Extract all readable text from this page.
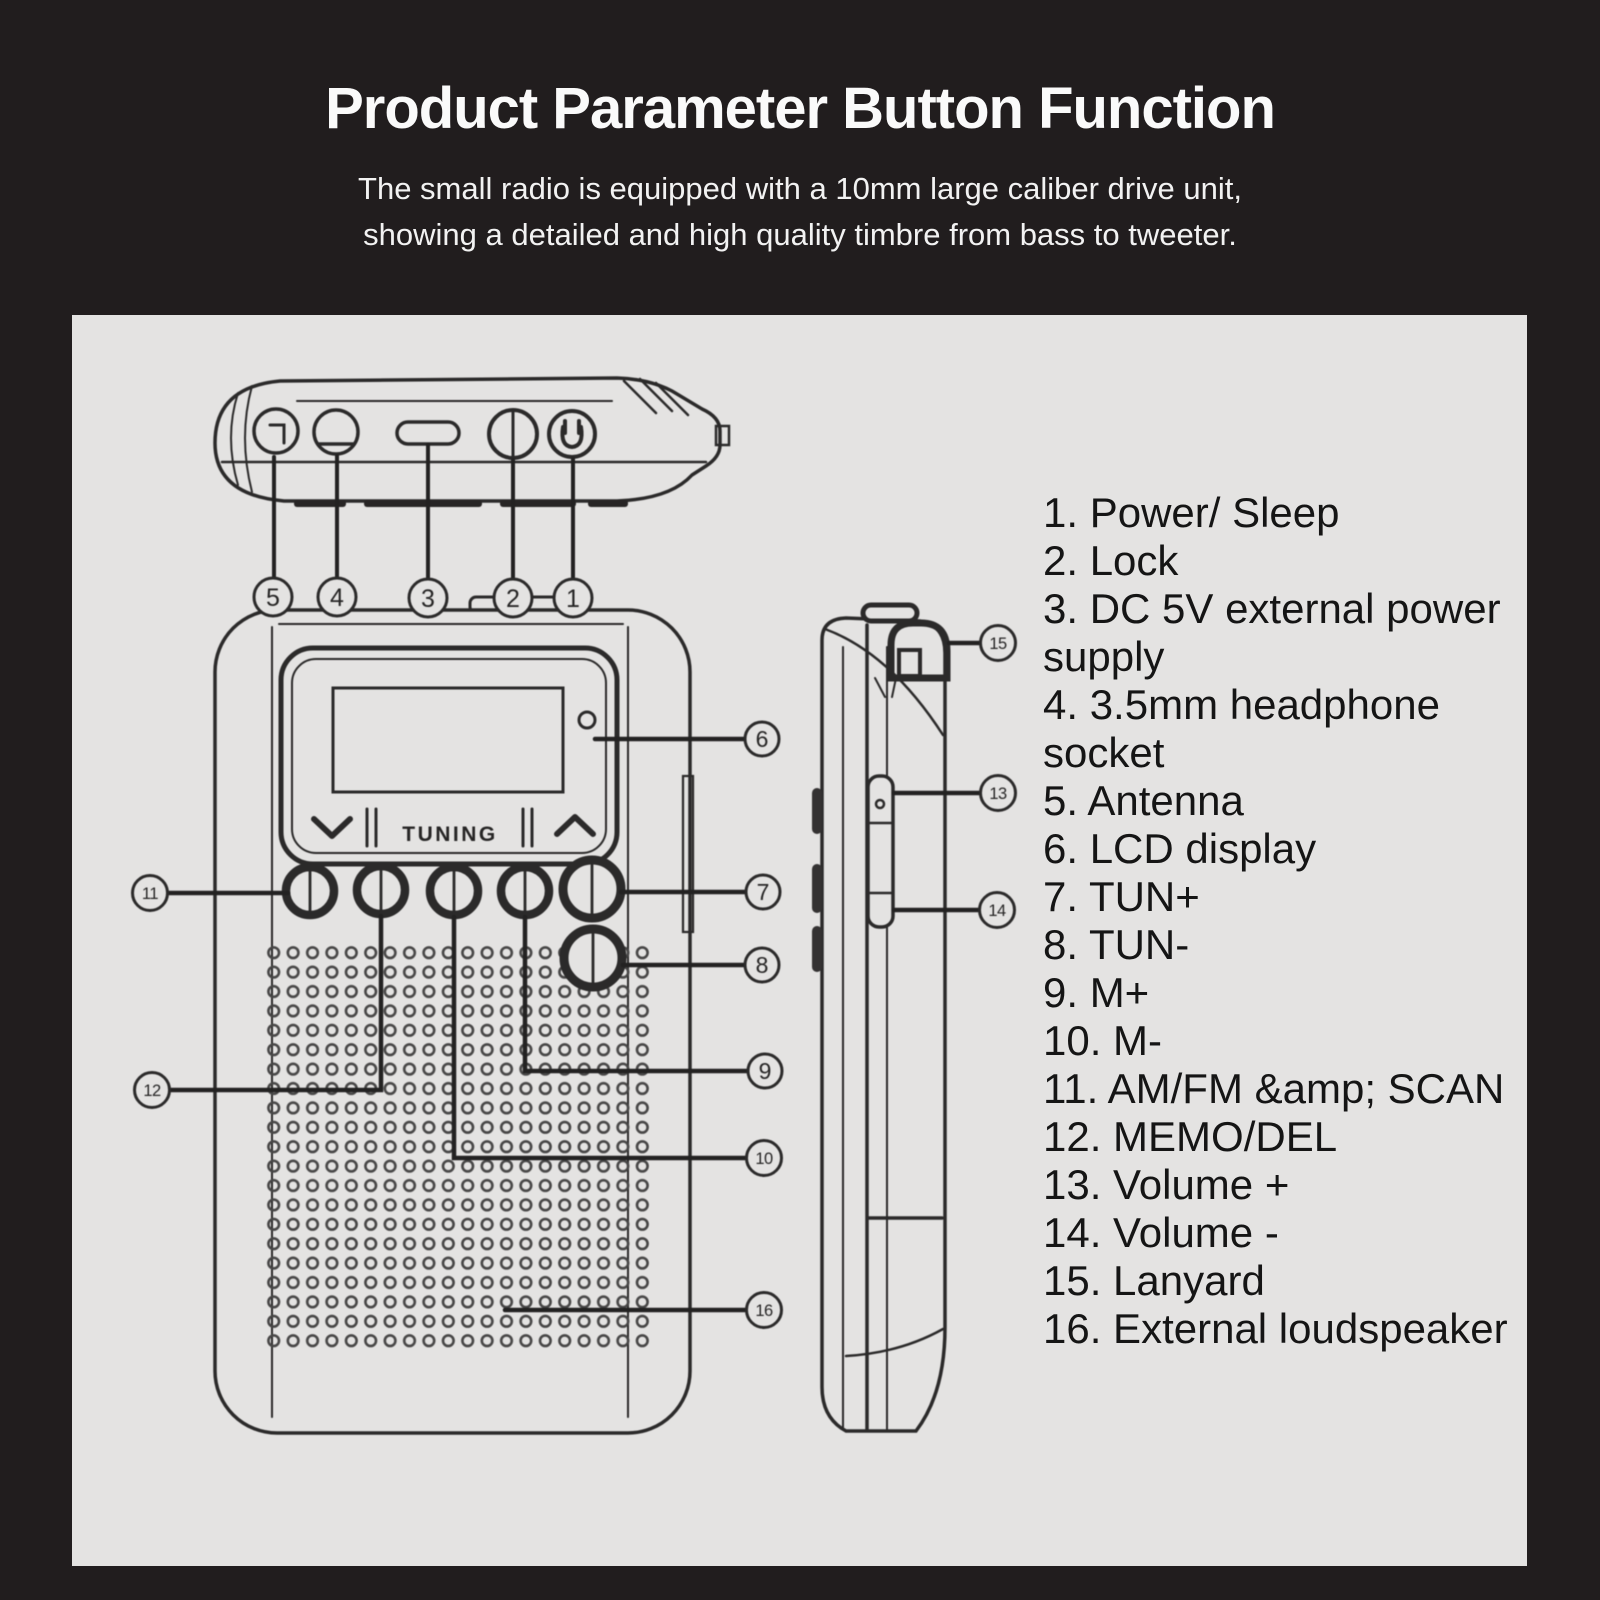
Product Parameter Button Function

The small radio is equipped with a 10mm large caliber drive unit,

showing a detailed and high quality timbre from bass to tweeter.

TUNING
1
2
3
4
5
6
7
8
9
10
11
12
13
14
15
16
1. Power/ Sleep
2. Lock
3. DC 5V external power supply
4. 3.5mm headphone socket
5. Antenna
6. LCD display
7. TUN+
8. TUN-
9. M+
10. M-
11. AM/FM &amp; SCAN
12. MEMO/DEL
13. Volume +
14. Volume -
15. Lanyard
16. External loudspeaker
